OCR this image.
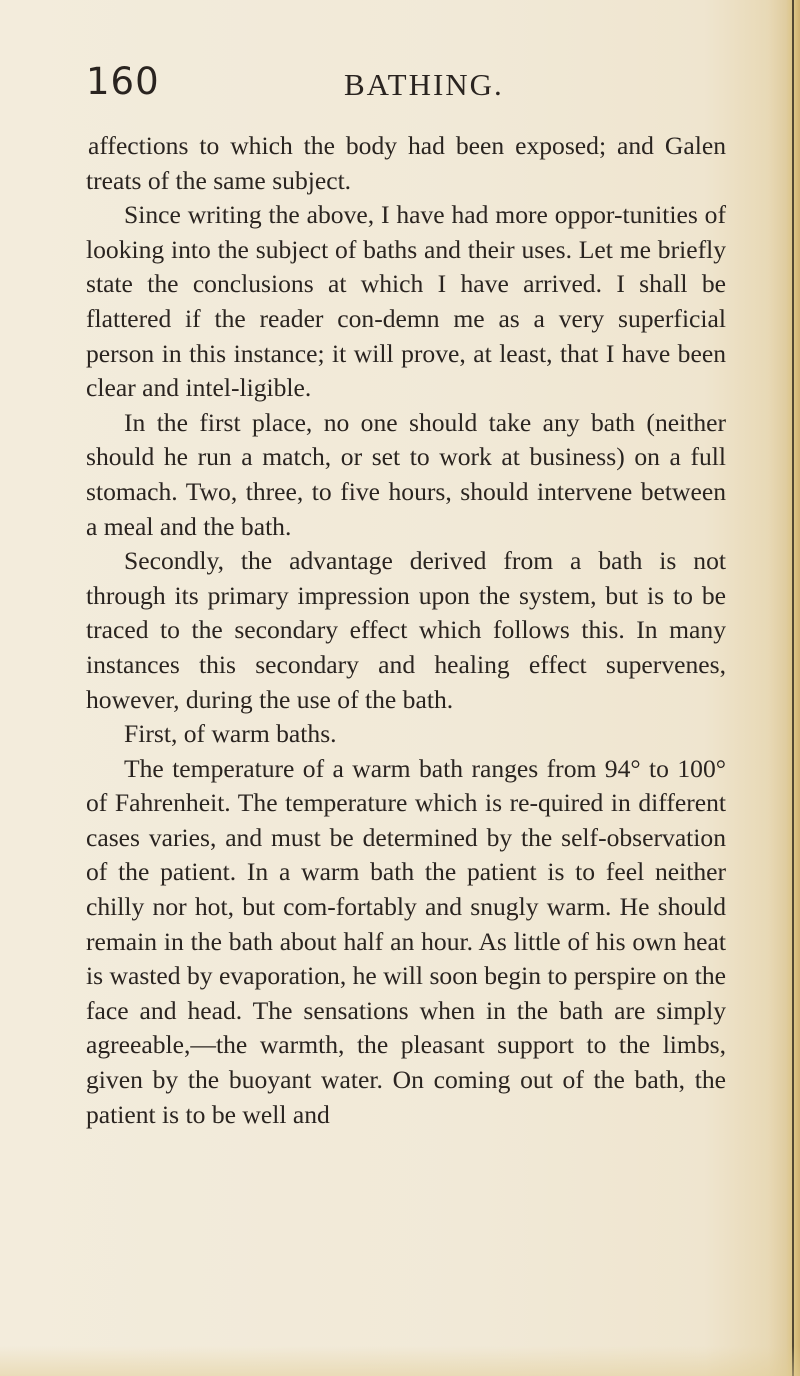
160	BATHING.

affections to which the body had been exposed; and Galen treats of the same subject.

Since writing the above, I have had more oppor-tunities of looking into the subject of baths and their uses. Let me briefly state the conclusions at which I have arrived. I shall be flattered if the reader con-demn me as a very superficial person in this instance; it will prove, at least, that I have been clear and intel-ligible.

In the first place, no one should take any bath (neither should he run a match, or set to work at business) on a full stomach. Two, three, to five hours, should intervene between a meal and the bath.

Secondly, the advantage derived from a bath is not through its primary impression upon the system, but is to be traced to the secondary effect which follows this. In many instances this secondary and healing effect supervenes, however, during the use of the bath.

First, of warm baths.

The temperature of a warm bath ranges from 94° to 100° of Fahrenheit. The temperature which is re-quired in different cases varies, and must be determined by the self-observation of the patient. In a warm bath the patient is to feel neither chilly nor hot, but com-fortably and snugly warm. He should remain in the bath about half an hour. As little of his own heat is wasted by evaporation, he will soon begin to perspire on the face and head. The sensations when in the bath are simply agreeable,—the warmth, the pleasant support to the limbs, given by the buoyant water. On coming out of the bath, the patient is to be well and
